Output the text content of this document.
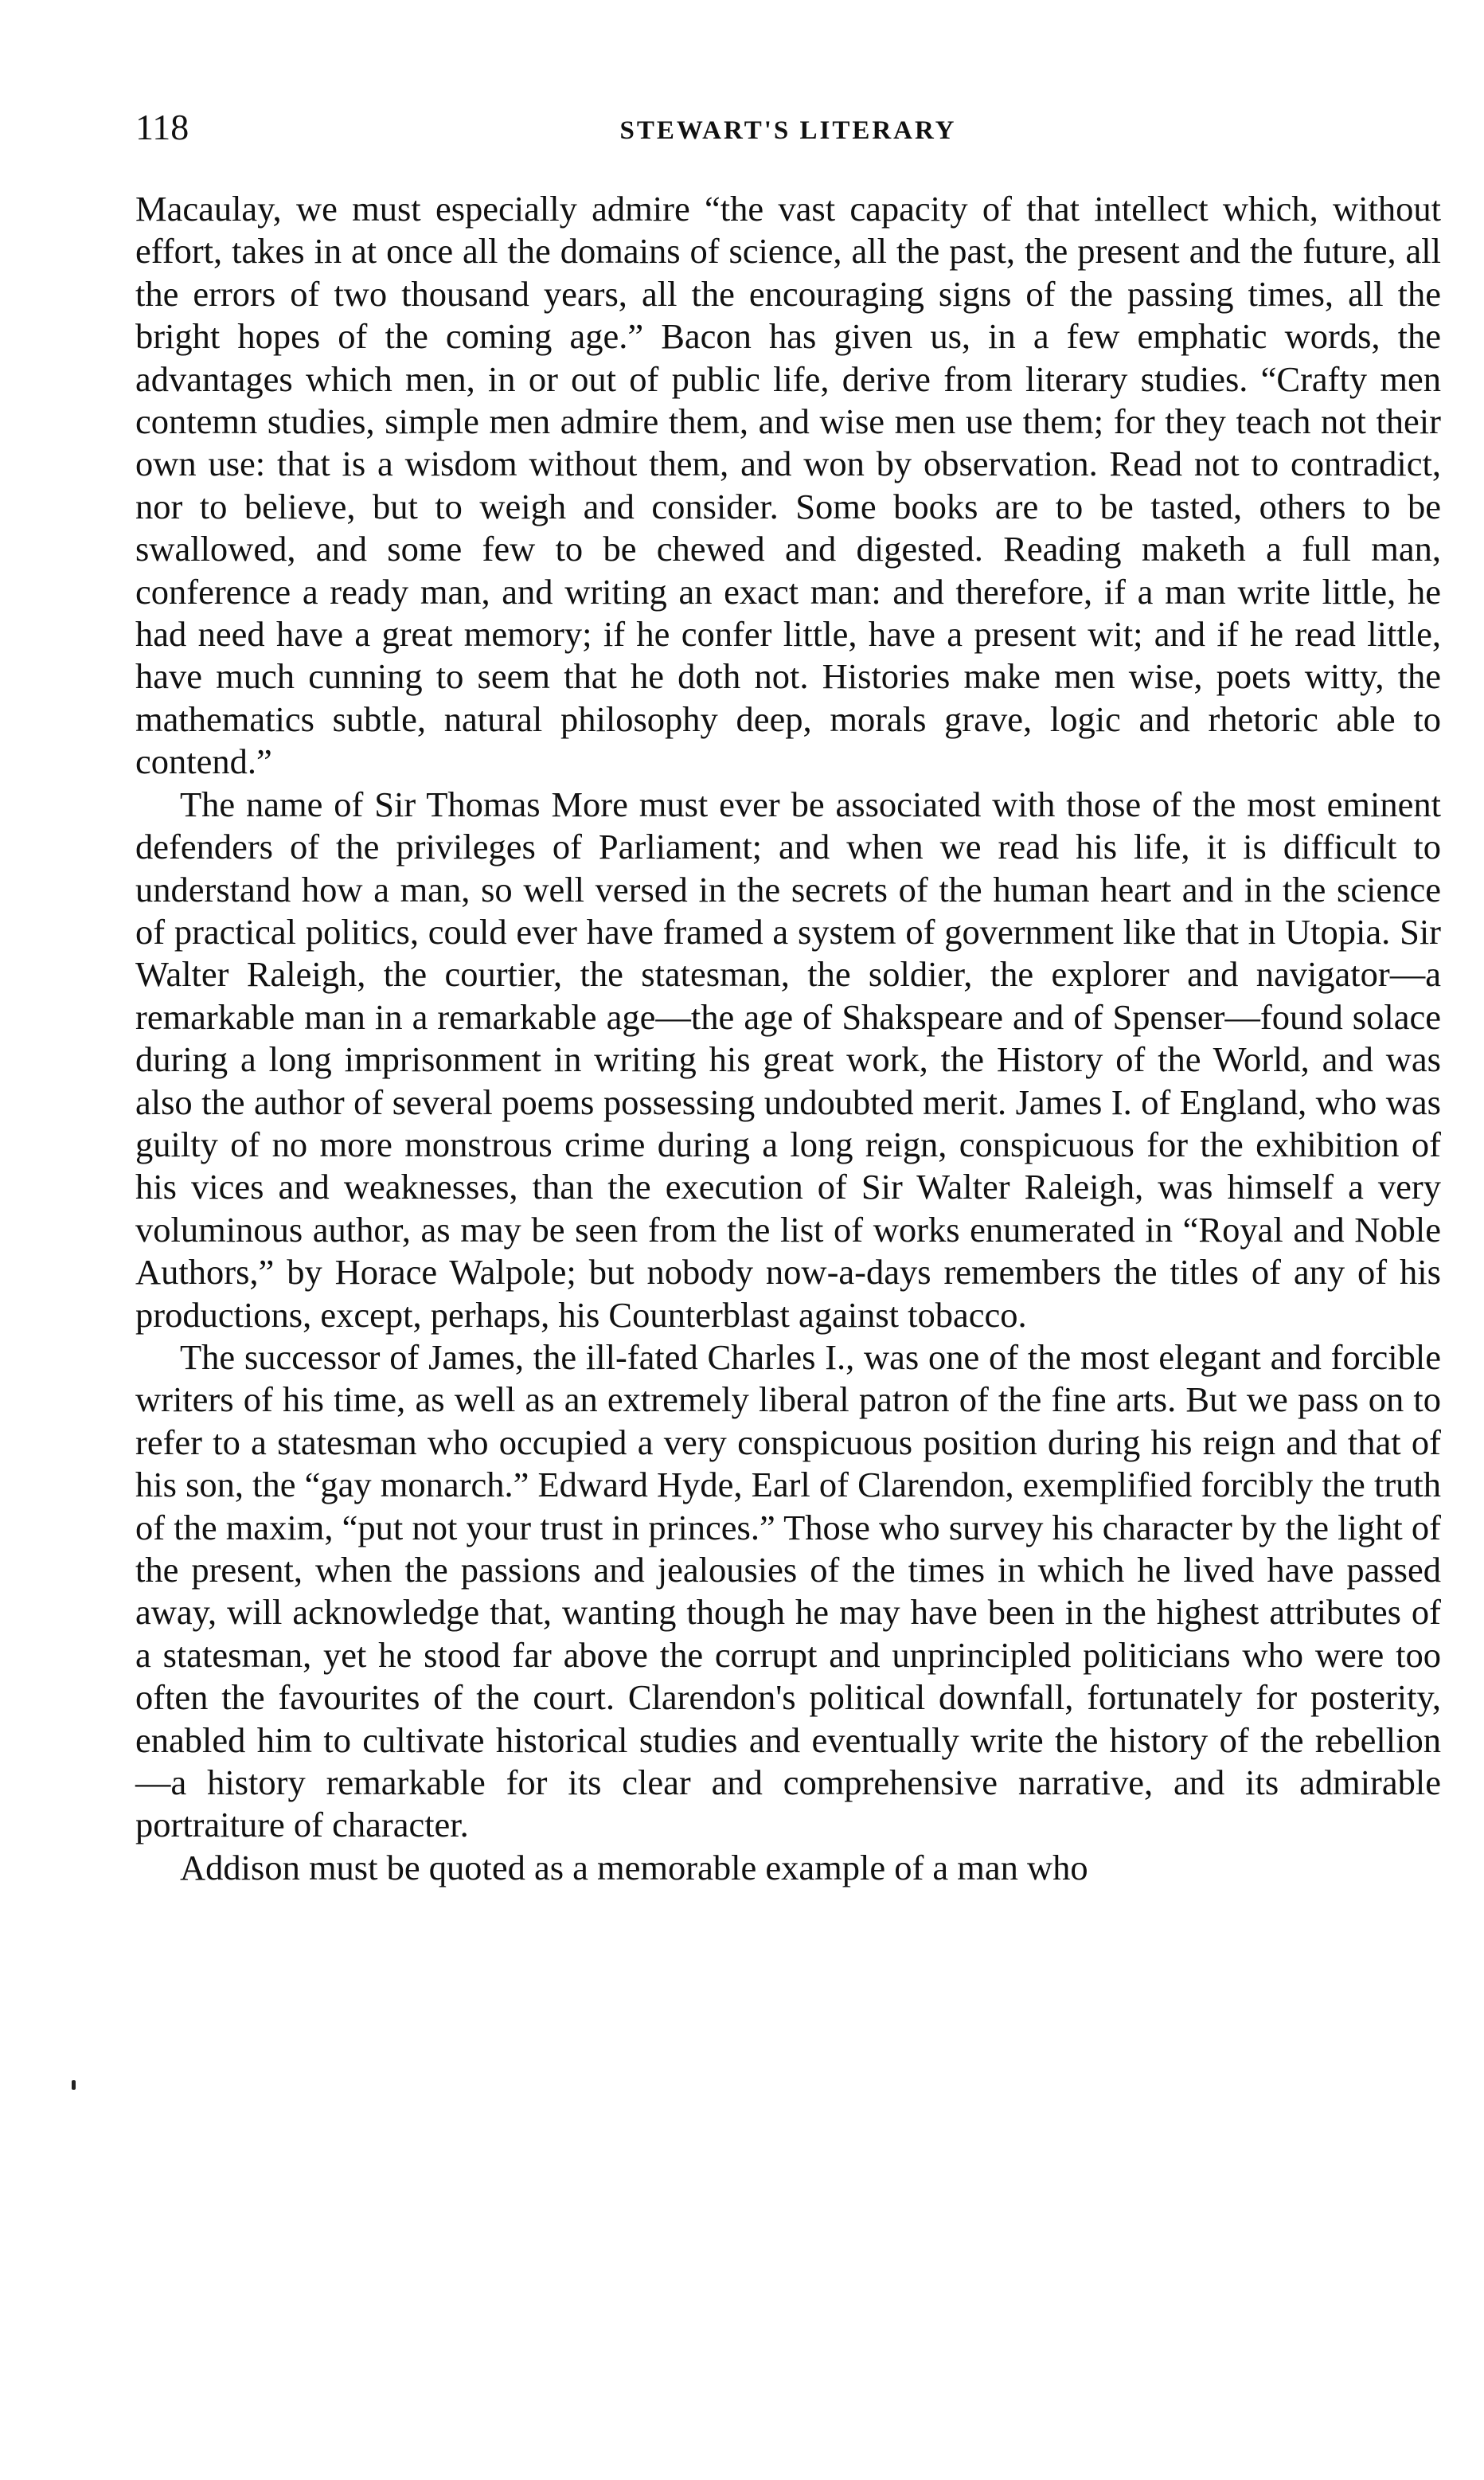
118	STEWART'S LITERARY

Macaulay, we must especially admire “the vast capacity of that intellect which, without effort, takes in at once all the domains of science, all the past, the present and the future, all the errors of two thousand years, all the encouraging signs of the passing times, all the bright hopes of the coming age.” Bacon has given us, in a few emphatic words, the advantages which men, in or out of public life, derive from literary studies. “Crafty men contemn studies, simple men admire them, and wise men use them; for they teach not their own use: that is a wisdom without them, and won by observation. Read not to contradict, nor to believe, but to weigh and consider. Some books are to be tasted, others to be swallowed, and some few to be chewed and digested. Reading maketh a full man, conference a ready man, and writing an exact man: and therefore, if a man write little, he had need have a great memory; if he confer little, have a present wit; and if he read little, have much cunning to seem that he doth not. Histories make men wise, poets witty, the mathematics subtle, natural philosophy deep, morals grave, logic and rhetoric able to contend.”

The name of Sir Thomas More must ever be associated with those of the most eminent defenders of the privileges of Parliament; and when we read his life, it is difficult to understand how a man, so well versed in the secrets of the human heart and in the science of practical politics, could ever have framed a system of government like that in Utopia. Sir Walter Raleigh, the courtier, the statesman, the soldier, the explorer and navigator—a remarkable man in a remarkable age—the age of Shakspeare and of Spenser—found solace during a long imprisonment in writing his great work, the History of the World, and was also the author of several poems possessing undoubted merit. James I. of England, who was guilty of no more monstrous crime during a long reign, conspicuous for the exhibition of his vices and weaknesses, than the execution of Sir Walter Raleigh, was himself a very voluminous author, as may be seen from the list of works enumerated in “Royal and Noble Authors,” by Horace Walpole; but nobody now-a-days remembers the titles of any of his productions, except, perhaps, his Counterblast against tobacco.

The successor of James, the ill-fated Charles I., was one of the most elegant and forcible writers of his time, as well as an extremely liberal patron of the fine arts. But we pass on to refer to a statesman who occupied a very conspicuous position during his reign and that of his son, the “gay monarch.” Edward Hyde, Earl of Clarendon, exemplified forcibly the truth of the maxim, “put not your trust in princes.” Those who survey his character by the light of the present, when the passions and jealousies of the times in which he lived have passed away, will acknowledge that, wanting though he may have been in the highest attributes of a statesman, yet he stood far above the corrupt and unprincipled politicians who were too often the favourites of the court. Clarendon's political downfall, fortunately for posterity, enabled him to cultivate historical studies and eventually write the history of the rebellion—a history remarkable for its clear and comprehensive narrative, and its admirable portraiture of character.

Addison must be quoted as a memorable example of a man who
